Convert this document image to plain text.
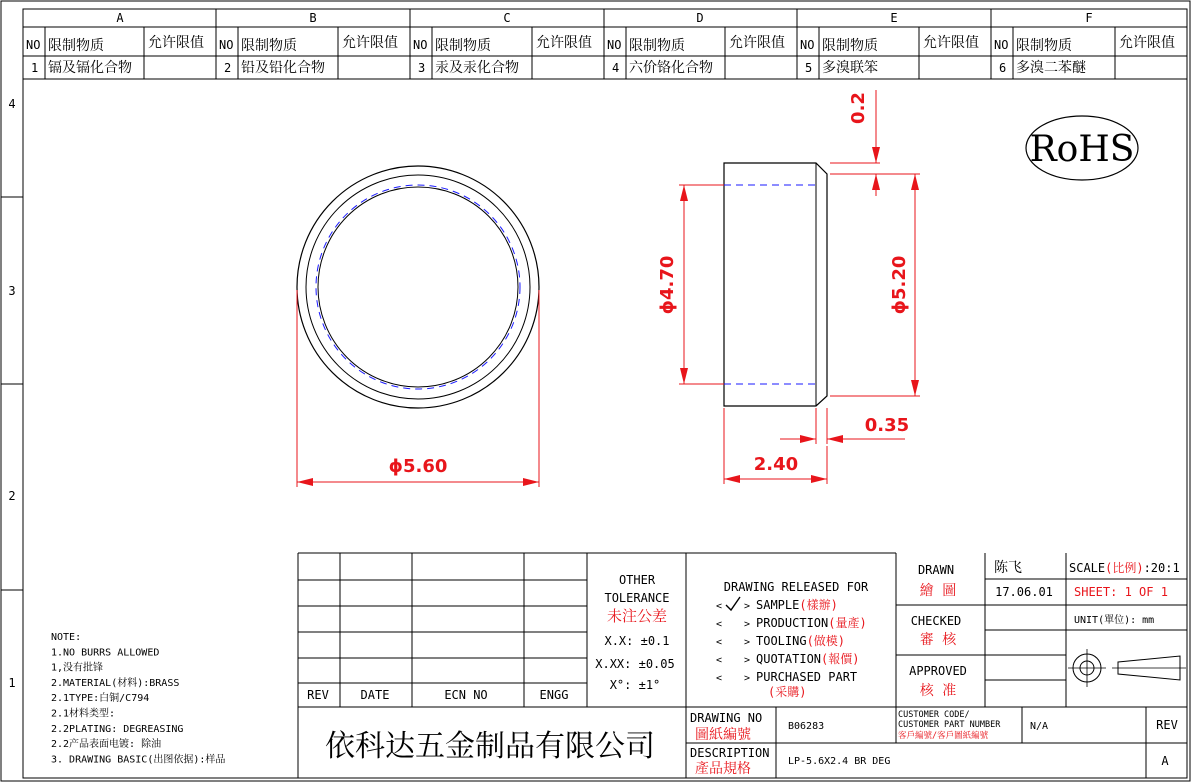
A	B	C	D	E	F
4
3
2
1
NO 限制物质	允许限值
1 镉及镉化合物
NO 限制物质	允许限值
2 铅及铅化合物
NO 限制物质	允许限值
3 汞及汞化合物
NO 限制物质	允许限值
4 六价铬化合物
NO 限制物质	允许限值
5 多溴联笨
NO 限制物质	允许限值
6 多溴二苯醚
RoHS
ϕ5.60
ϕ4.70	ϕ5.20
0.2
0.35
2.40
NOTE:
1.NO BURRS ALLOWED
1,没有批锋
2.MATERIAL(材料):BRASS
2.1TYPE:白铜/C794
2.1材料类型:
2.2PLATING: DEGREASING
2.2产品表面电镀: 除油
3. DRAWING BASIC(出图依据):样品
REV	DATE	ECN NO	ENGG
OTHER
TOLERANCE
未注公差
X.X: ±0.1
X.XX: ±0.05
X°: ±1°
DRAWING RELEASED FOR
< > SAMPLE(樣辦)
< > PRODUCTION(量產)
< > TOOLING(做模)
< > QUOTATION(報價)
< > PURCHASED PART (采購)
DRAWN
繪 圖
陈飞
17.06.01
CHECKED
審 核
APPROVED
核 准
SCALE(比例):20:1
SHEET: 1 OF 1
UNIT(單位): mm
依科达五金制品有限公司
DRAWING NO
圖紙編號
B06283
CUSTOMER CODE/
CUSTOMER PART NUMBER
客戶編號/客戶圖紙編號
N/A	REV
DESCRIPTION
產品規格	LP-5.6X2.4 BR DEG	A
